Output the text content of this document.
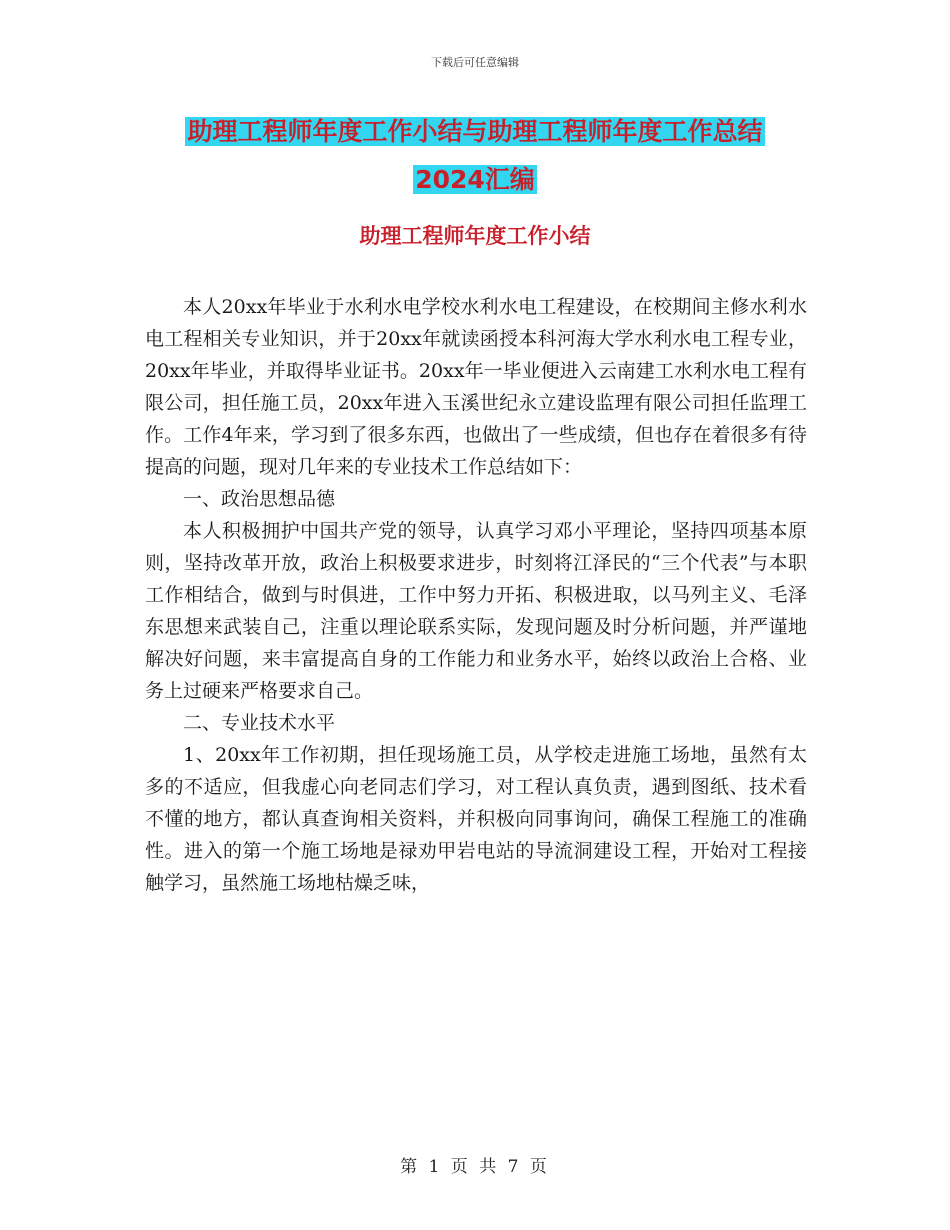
下载后可任意编辑
助理工程师年度工作小结与助理工程师年度工作总结
2024汇编
助理工程师年度工作小结

本人20xx年毕业于水利水电学校水利水电工程建设，在校期间主修水利水电工程相关专业知识，并于20xx年就读函授本科河海大学水利水电工程专业，20xx年毕业，并取得毕业证书。20xx年一毕业便进入云南建工水利水电工程有限公司，担任施工员，20xx年进入玉溪世纪永立建设监理有限公司担任监理工作。工作4年来，学习到了很多东西，也做出了一些成绩，但也存在着很多有待提高的问题，现对几年来的专业技术工作总结如下：

一、政治思想品德

本人积极拥护中国共产党的领导，认真学习邓小平理论，坚持四项基本原则，坚持改革开放，政治上积极要求进步，时刻将江泽民的“三个代表”与本职工作相结合，做到与时俱进，工作中努力开拓、积极进取，以马列主义、毛泽东思想来武装自己，注重以理论联系实际，发现问题及时分析问题，并严谨地解决好问题，来丰富提高自身的工作能力和业务水平，始终以政治上合格、业务上过硬来严格要求自己。

二、专业技术水平

1、20xx年工作初期，担任现场施工员，从学校走进施工场地，虽然有太多的不适应，但我虚心向老同志们学习，对工程认真负责，遇到图纸、技术看不懂的地方，都认真查询相关资料，并积极向同事询问，确保工程施工的准确性。进入的第一个施工场地是禄劝甲岩电站的导流洞建设工程，开始对工程接触学习，虽然施工场地枯燥乏味，

第 1 页 共 7 页
